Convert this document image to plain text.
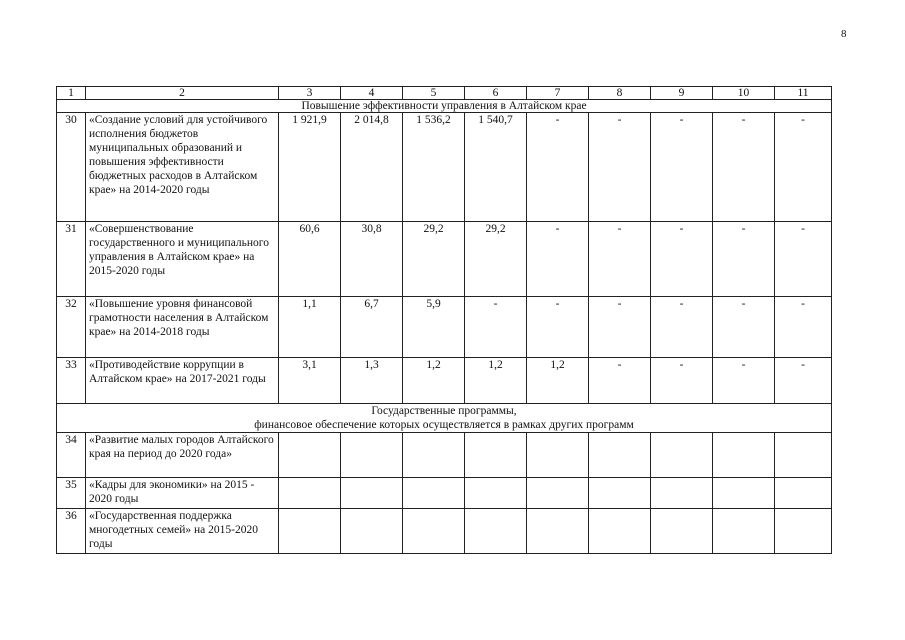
8
1	2	3	4	5	6	7	8	9	10	11
Повышение эффективности управления в Алтайском крае										
30	«Создание условий для устойчивого исполнения бюджетов муниципальных образований и повышения эффективности бюджетных расходов в Алтайском крае» на 2014-2020 годы	1 921,9	2 014,8	1 536,2	1 540,7	-	-	-	-	-
31	«Совершенствование государственного и муниципального управления в Алтайском крае» на 2015-2020 годы	60,6	30,8	29,2	29,2	-	-	-	-	-
32	«Повышение уровня финансовой грамотности населения в Алтайском крае» на 2014-2018 годы	1,1	6,7	5,9	-	-	-	-	-	-
33	«Противодействие коррупции в Алтайском крае» на 2017-2021 годы	3,1	1,3	1,2	1,2	1,2	-	-	-	-

Государственные программы,
финансовое обеспечение которых осуществляется в рамках других программ										

34	«Развитие малых городов Алтайского края на период до 2020 года»									
35	«Кадры для экономики» на 2015 - 2020 годы									
36	«Государственная поддержка многодетных семей» на 2015-2020 годы									
